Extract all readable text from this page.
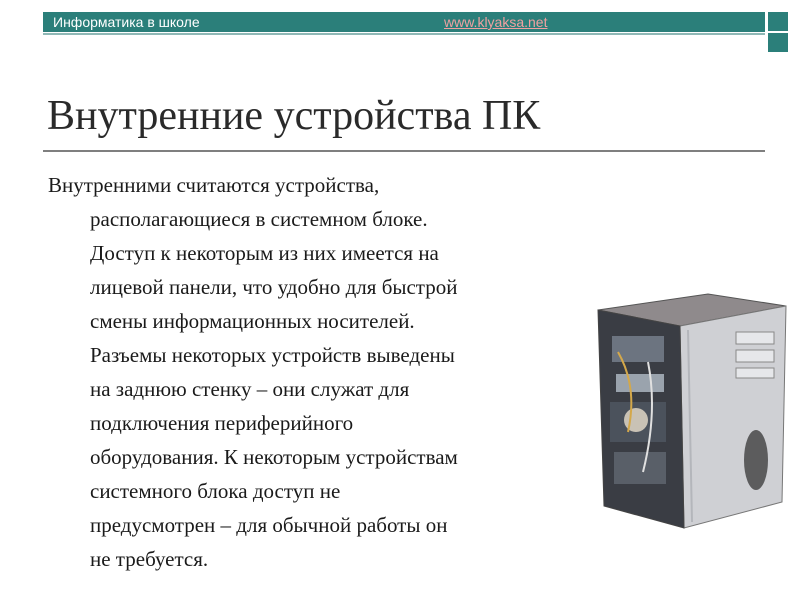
Информатика в школе	www.klyaksa.net
Внутренние устройства ПК
Внутренними считаются устройства,
располагающиеся в системном блоке.
Доступ к некоторым из них имеется на
лицевой панели, что удобно для быстрой
смены информационных носителей.
Разъемы некоторых устройств выведены
на заднюю стенку – они служат для
подключения периферийного
оборудования. К некоторым устройствам
системного блока доступ не
предусмотрен – для обычной работы он
не требуется.
